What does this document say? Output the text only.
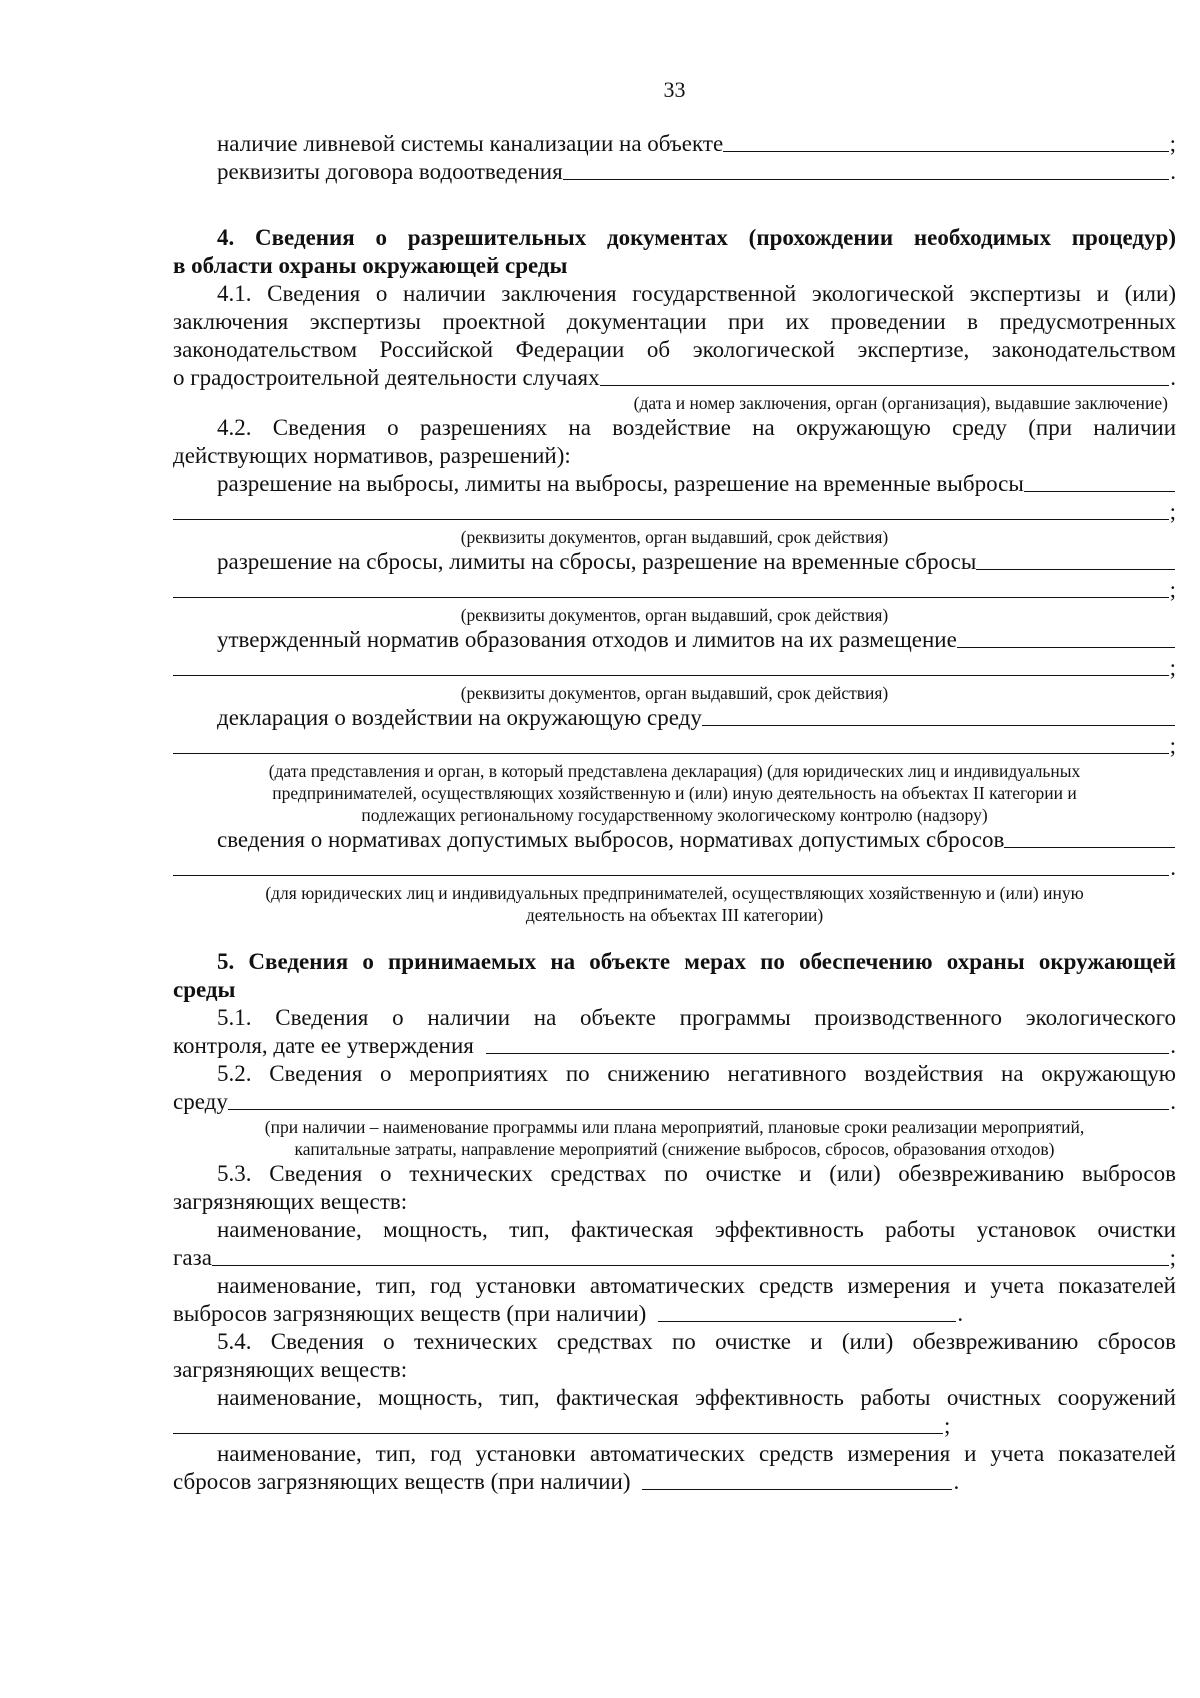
33
наличие ливневой системы канализации на объекте	;
реквизиты договора водоотведения	.
4. Сведения о разрешительных документах (прохождении необходимых процедур)
в области охраны окружающей среды
4.1. Сведения о наличии заключения государственной экологической экспертизы и (или)
заключения экспертизы проектной документации при их проведении в предусмотренных
законодательством Российской Федерации об экологической экспертизе, законодательством
о градостроительной деятельности случаях	.
(дата и номер заключения, орган (организация), выдавшие заключение)
4.2. Сведения о разрешениях на воздействие на окружающую среду (при наличии
действующих нормативов, разрешений):
разрешение на выбросы, лимиты на выбросы, разрешение на временные выбросы
;
(реквизиты документов, орган выдавший, срок действия)
разрешение на сбросы, лимиты на сбросы, разрешение на временные сбросы
;
(реквизиты документов, орган выдавший, срок действия)
утвержденный норматив образования отходов и лимитов на их размещение
;
(реквизиты документов, орган выдавший, срок действия)
декларация о воздействии на окружающую среду
;
(дата представления и орган, в который представлена декларация) (для юридических лиц и индивидуальных
предпринимателей, осуществляющих хозяйственную и (или) иную деятельность на объектах II категории и
подлежащих региональному государственному экологическому контролю (надзору)
сведения о нормативах допустимых выбросов, нормативах допустимых сбросов
.
(для юридических лиц и индивидуальных предпринимателей, осуществляющих хозяйственную и (или) иную
деятельность на объектах III категории)
5. Сведения о принимаемых на объекте мерах по обеспечению охраны окружающей
среды
5.1. Сведения о наличии на объекте программы производственного экологического
контроля, дате ее утверждения	.
5.2. Сведения о мероприятиях по снижению негативного воздействия на окружающую
среду	.
(при наличии – наименование программы или плана мероприятий, плановые сроки реализации мероприятий,
капитальные затраты, направление мероприятий (снижение выбросов, сбросов, образования отходов)
5.3. Сведения о технических средствах по очистке и (или) обезвреживанию выбросов
загрязняющих веществ:
наименование, мощность, тип, фактическая эффективность работы установок очистки
газа	;
наименование, тип, год установки автоматических средств измерения и учета показателей
выбросов загрязняющих веществ (при наличии)	.
5.4. Сведения о технических средствах по очистке и (или) обезвреживанию сбросов
загрязняющих веществ:
наименование, мощность, тип, фактическая эффективность работы очистных сооружений
;
наименование, тип, год установки автоматических средств измерения и учета показателей
сбросов загрязняющих веществ (при наличии)	.
